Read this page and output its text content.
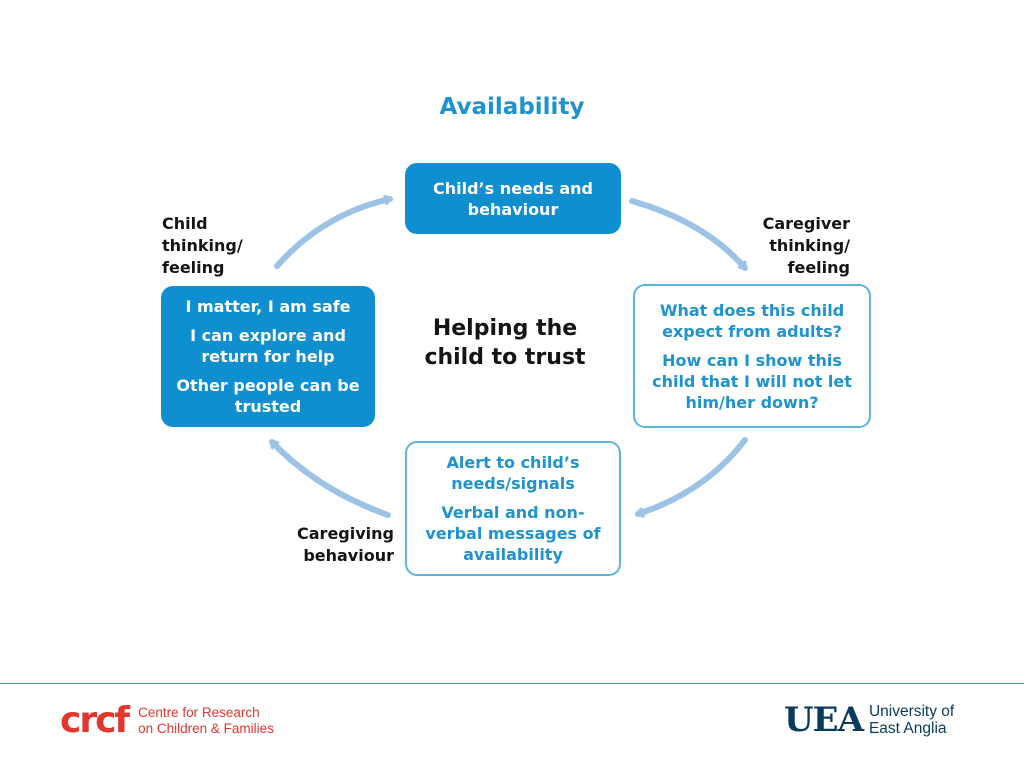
Availability

Child’s needs and behaviour

I matter, I am safe

I can explore and return for help

Other people can be trusted

What does this child expect from adults?

How can I show this child that I will not let him/her down?

Alert to child’s needs/signals

Verbal and non-verbal messages of availability

Child thinking/ feeling
Caregiver thinking/ feeling
Caregiving behaviour
Helping the child to trust
crcf Centre for Research
on Children & Families	UEA University of
East Anglia
